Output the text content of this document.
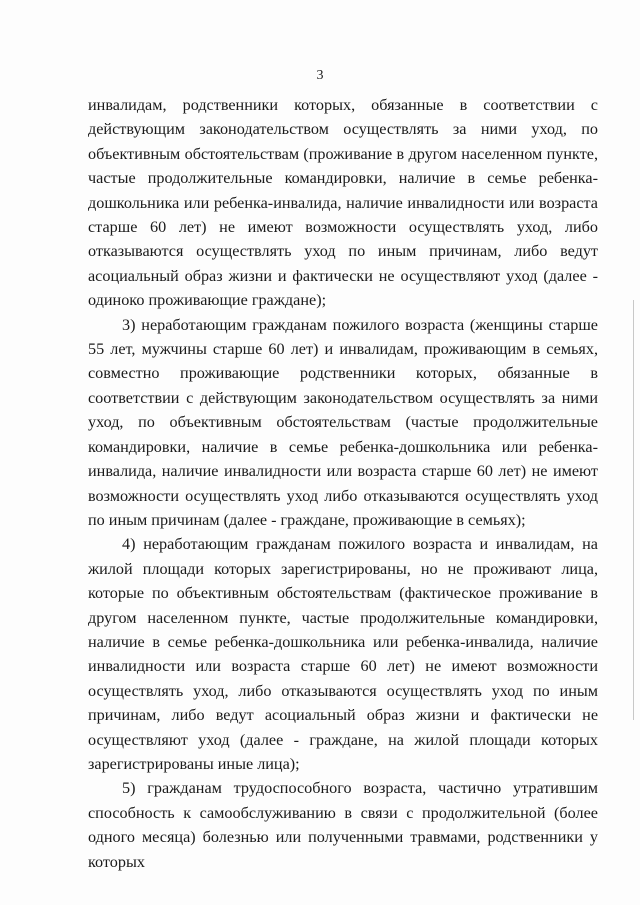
3

инвалидам, родственники которых, обязанные в соответствии с действующим законодательством осуществлять за ними уход, по объективным обстоятельствам (проживание в другом населенном пункте, частые продолжительные командировки, наличие в семье ребенка-дошкольника или ребенка-инвалида, наличие инвалидности или возраста старше 60 лет) не имеют возможности осуществлять уход, либо отказываются осуществлять уход по иным причинам, либо ведут асоциальный образ жизни и фактически не осуществляют уход (далее - одиноко проживающие граждане);

3) неработающим гражданам пожилого возраста (женщины старше 55 лет, мужчины старше 60 лет) и инвалидам, проживающим в семьях, совместно проживающие родственники которых, обязанные в соответствии с действующим законодательством осуществлять за ними уход, по объективным обстоятельствам (частые продолжительные командировки, наличие в семье ребенка-дошкольника или ребенка-инвалида, наличие инвалидности или возраста старше 60 лет) не имеют возможности осуществлять уход либо отказываются осуществлять уход по иным причинам (далее - граждане, проживающие в семьях);

4) неработающим гражданам пожилого возраста и инвалидам, на жилой площади которых зарегистрированы, но не проживают лица, которые по объективным обстоятельствам (фактическое проживание в другом населенном пункте, частые продолжительные командировки, наличие в семье ребенка-дошкольника или ребенка-инвалида, наличие инвалидности или возраста старше 60 лет) не имеют возможности осуществлять уход, либо отказываются осуществлять уход по иным причинам, либо ведут асоциальный образ жизни и фактически не осуществляют уход (далее - граждане, на жилой площади которых зарегистрированы иные лица);

5) гражданам трудоспособного возраста, частично утратившим способность к самообслуживанию в связи с продолжительной (более одного месяца) болезнью или полученными травмами, родственники у которых
